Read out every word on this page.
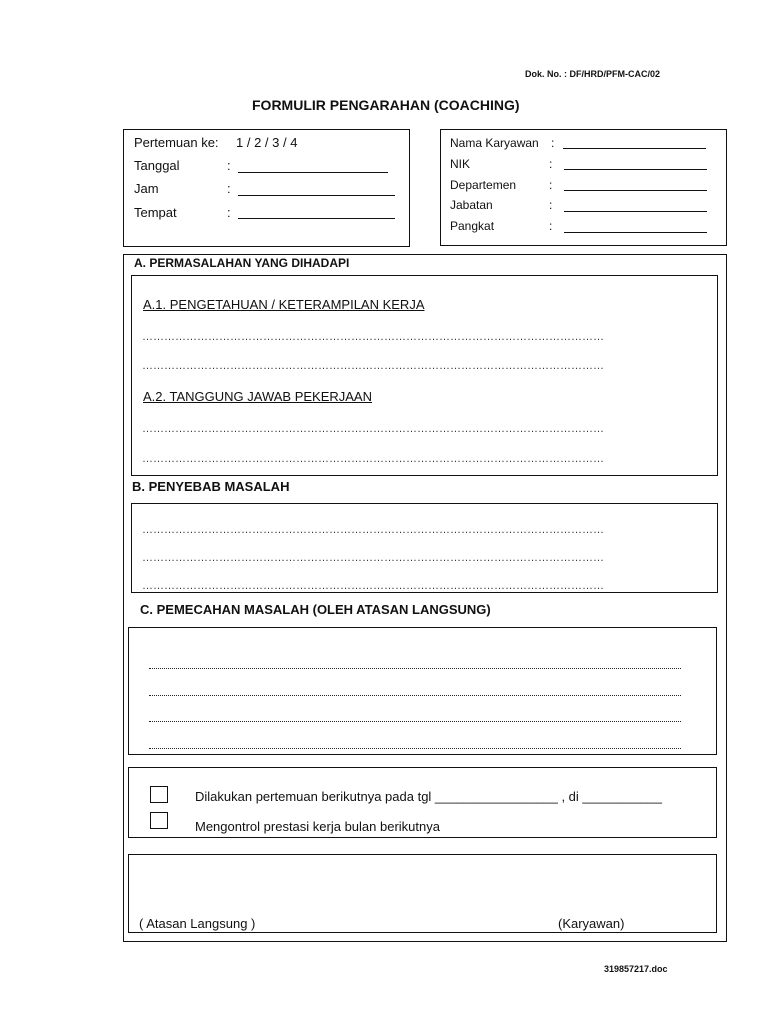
Dok. No. : DF/HRD/PFM-CAC/02
FORMULIR PENGARAHAN (COACHING)
Pertemuan ke: 1 / 2 / 3 / 4
Tanggal	:
Jam	:
Tempat	:
Nama Karyawan :
NIK	:
Departemen	:
Jabatan	:
Pangkat	:
A. PERMASALAHAN YANG DIHADAPI
A.1. PENGETAHUAN / KETERAMPILAN KERJA
………………………………………………………………………………………………………………
………………………………………………………………………………………………………………
A.2. TANGGUNG JAWAB PEKERJAAN
………………………………………………………………………………………………………………
………………………………………………………………………………………………………………
B. PENYEBAB MASALAH
………………………………………………………………………………………………………………
………………………………………………………………………………………………………………
………………………………………………………………………………………………………………
C. PEMECAHAN MASALAH (OLEH ATASAN LANGSUNG)
Dilakukan pertemuan berikutnya pada tgl _________________ , di ___________
Mengontrol prestasi kerja bulan berikutnya
( Atasan Langsung )	(Karyawan)
319857217.doc
